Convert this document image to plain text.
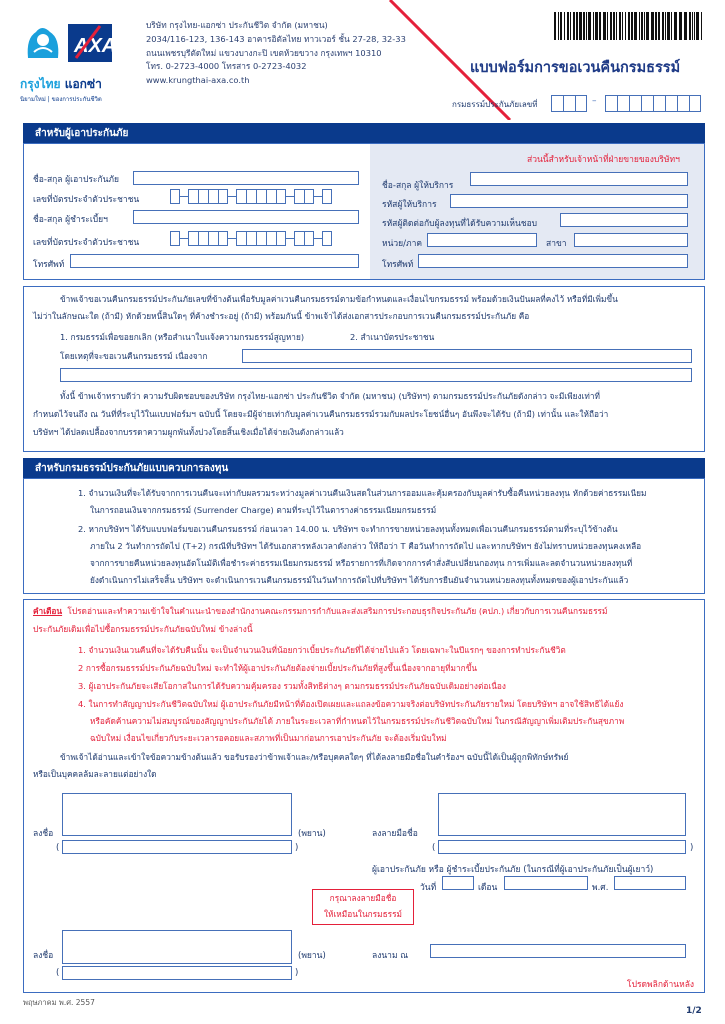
AXA
กรุงไทย แอกซ่า
นิยามใหม่ | ของการประกันชีวิต
บริษัท กรุงไทย-แอกซ่า ประกันชีวิต จำกัด (มหาชน)
2034/116-123, 136-143 อาคารอิตัลไทย ทาวเวอร์ ชั้น 27-28, 32-33
ถนนเพชรบุรีตัดใหม่ แขวงบางกะปิ เขตห้วยขวาง กรุงเทพฯ 10310
โทร. 0-2723-4000 โทรสาร 0-2723-4032
www.krungthai-axa.co.th
แบบฟอร์มการขอเวนคืนกรมธรรม์
กรมธรรม์ประกันภัยเลขที่	–
สำหรับผู้เอาประกันภัย
ส่วนนี้สำหรับเจ้าหน้าที่ฝ่ายขายของบริษัทฯ
ชื่อ-สกุล ผู้เอาประกันภัย
เลขที่บัตรประจำตัวประชาชน
ชื่อ-สกุล ผู้ชำระเบี้ยฯ
เลขที่บัตรประจำตัวประชาชน
โทรศัพท์
ชื่อ-สกุล ผู้ให้บริการ
รหัสผู้ให้บริการ
รหัสผู้ติดต่อกับผู้ลงทุนที่ได้รับความเห็นชอบ
หน่วย/ภาค	สาขา
โทรศัพท์
ข้าพเจ้าขอเวนคืนกรมธรรม์ประกันภัยเลขที่ข้างต้นเพื่อรับมูลค่าเวนคืนกรมธรรม์ตามข้อกำหนดและเงื่อนไขกรมธรรม์ พร้อมด้วยเงินปันผลที่คงไว้ หรือที่มีเพิ่มขึ้น
ไม่ว่าในลักษณะใด (ถ้ามี) หักด้วยหนี้สินใดๆ ที่ค้างชำระอยู่ (ถ้ามี) พร้อมกันนี้ ข้าพเจ้าได้ส่งเอกสารประกอบการเวนคืนกรมธรรม์ประกันภัย คือ
1. กรมธรรม์เพื่อขอยกเลิก (หรือสำเนาใบแจ้งความกรมธรรม์สูญหาย)	2. สำเนาบัตรประชาชน
โดยเหตุที่จะขอเวนคืนกรมธรรม์ เนื่องจาก
ทั้งนี้ ข้าพเจ้าทราบดีว่า ความรับผิดชอบของบริษัท กรุงไทย-แอกซ่า ประกันชีวิต จำกัด (มหาชน) (บริษัทฯ) ตามกรมธรรม์ประกันภัยดังกล่าว จะมีเพียงเท่าที่
กำหนดไว้จนถึง ณ วันที่ที่ระบุไว้ในแบบฟอร์มฯ ฉบับนี้ โดยจะมีผู้จ่ายเท่ากับมูลค่าเวนคืนกรมธรรม์รวมกับผลประโยชน์อื่นๆ อันพึงจะได้รับ (ถ้ามี) เท่านั้น และให้ถือว่า
บริษัทฯ ได้ปลดเปลื้องจากบรรดาความผูกพันทั้งปวงโดยสิ้นเชิงเมื่อได้จ่ายเงินดังกล่าวแล้ว
สำหรับกรมธรรม์ประกันภัยแบบควบการลงทุน
1. จำนวนเงินที่จะได้รับจากการเวนคืนจะเท่ากับผลรวมระหว่างมูลค่าเวนคืนเงินสดในส่วนการออมและคุ้มครองกับมูลค่ารับซื้อคืนหน่วยลงทุน หักด้วยค่าธรรมเนียม
ในการถอนเงินจากกรมธรรม์ (Surrender Charge) ตามที่ระบุไว้ในตารางค่าธรรมเนียมกรมธรรม์
2. หากบริษัทฯ ได้รับแบบฟอร์มขอเวนคืนกรมธรรม์ ก่อนเวลา 14.00 น. บริษัทฯ จะทำการขายหน่วยลงทุนทั้งหมดเพื่อเวนคืนกรมธรรม์ตามที่ระบุไว้ข้างต้น
ภายใน 2 วันทำการถัดไป (T+2) กรณีที่บริษัทฯ ได้รับเอกสารหลังเวลาดังกล่าว ให้ถือว่า T คือวันทำการถัดไป และหากบริษัทฯ ยังไม่ทราบหน่วยลงทุนคงเหลือ
จากการขายคืนหน่วยลงทุนอัตโนมัติเพื่อชำระค่าธรรมเนียมกรมธรรม์ หรือรายการที่เกิดจากการคำสั่งสับเปลี่ยนกองทุน การเพิ่มและลดจำนวนหน่วยลงทุนที่
ยังดำเนินการไม่เสร็จสิ้น บริษัทฯ จะดำเนินการเวนคืนกรมธรรม์ในวันทำการถัดไปที่บริษัทฯ ได้รับการยืนยันจำนวนหน่วยลงทุนทั้งหมดของผู้เอาประกันแล้ว
คำเตือน โปรดอ่านและทำความเข้าใจในคำแนะนำของสำนักงานคณะกรรมการกำกับและส่งเสริมการประกอบธุรกิจประกันภัย (คปภ.) เกี่ยวกับการเวนคืนกรมธรรม์
ประกันภัยเดิมเพื่อไปซื้อกรมธรรม์ประกันภัยฉบับใหม่ ข้างล่างนี้
1. จำนวนเงินเวนคืนที่จะได้รับคืนนั้น จะเป็นจำนวนเงินที่น้อยกว่าเบี้ยประกันภัยที่ได้จ่ายไปแล้ว โดยเฉพาะในปีแรกๆ ของการทำประกันชีวิต
2 การซื้อกรมธรรม์ประกันภัยฉบับใหม่ จะทำให้ผู้เอาประกันภัยต้องจ่ายเบี้ยประกันภัยที่สูงขึ้นเนื่องจากอายุที่มากขึ้น
3. ผู้เอาประกันภัยจะเสียโอกาสในการได้รับความคุ้มครอง รวมทั้งสิทธิต่างๆ ตามกรมธรรม์ประกันภัยฉบับเดิมอย่างต่อเนื่อง
4. ในการทำสัญญาประกันชีวิตฉบับใหม่ ผู้เอาประกันภัยมีหน้าที่ต้องเปิดเผยและแถลงข้อความจริงต่อบริษัทประกันภัยรายใหม่ โดยบริษัทฯ อาจใช้สิทธิได้แย้ง
หรือคัดค้านความไม่สมบูรณ์ของสัญญาประกันภัยได้ ภายในระยะเวลาที่กำหนดไว้ในกรมธรรม์ประกันชีวิตฉบับใหม่ ในกรณีสัญญาเพิ่มเติมประกันสุขภาพ
ฉบับใหม่ เงื่อนไขเกี่ยวกับระยะเวลารอคอยและสภาพที่เป็นมาก่อนการเอาประกันภัย จะต้องเริ่มนับใหม่
ข้าพเจ้าได้อ่านและเข้าใจข้อความข้างต้นแล้ว ขอรับรองว่าข้าพเจ้าและ/หรือบุคคลใดๆ ที่ได้ลงลายมือชื่อในคำร้องฯ ฉบับนี้ได้เป็นผู้ถูกพิทักษ์ทรัพย์
หรือเป็นบุคคลล้มละลายแต่อย่างใด
ลงชื่อ	(พยาน)	ลงลายมือชื่อ
(	)	(	)
ผู้เอาประกันภัย หรือ ผู้ชำระเบี้ยประกันภัย (ในกรณีที่ผู้เอาประกันภัยเป็นผู้เยาว์)
วันที่	เดือน	พ.ศ.
กรุณาลงลายมือชื่อ
ให้เหมือนในกรมธรรม์
ลงชื่อ	(พยาน)	ลงนาม ณ
(	)
โปรดพลิกด้านหลัง
พฤษภาคม พ.ศ. 2557
1/2
